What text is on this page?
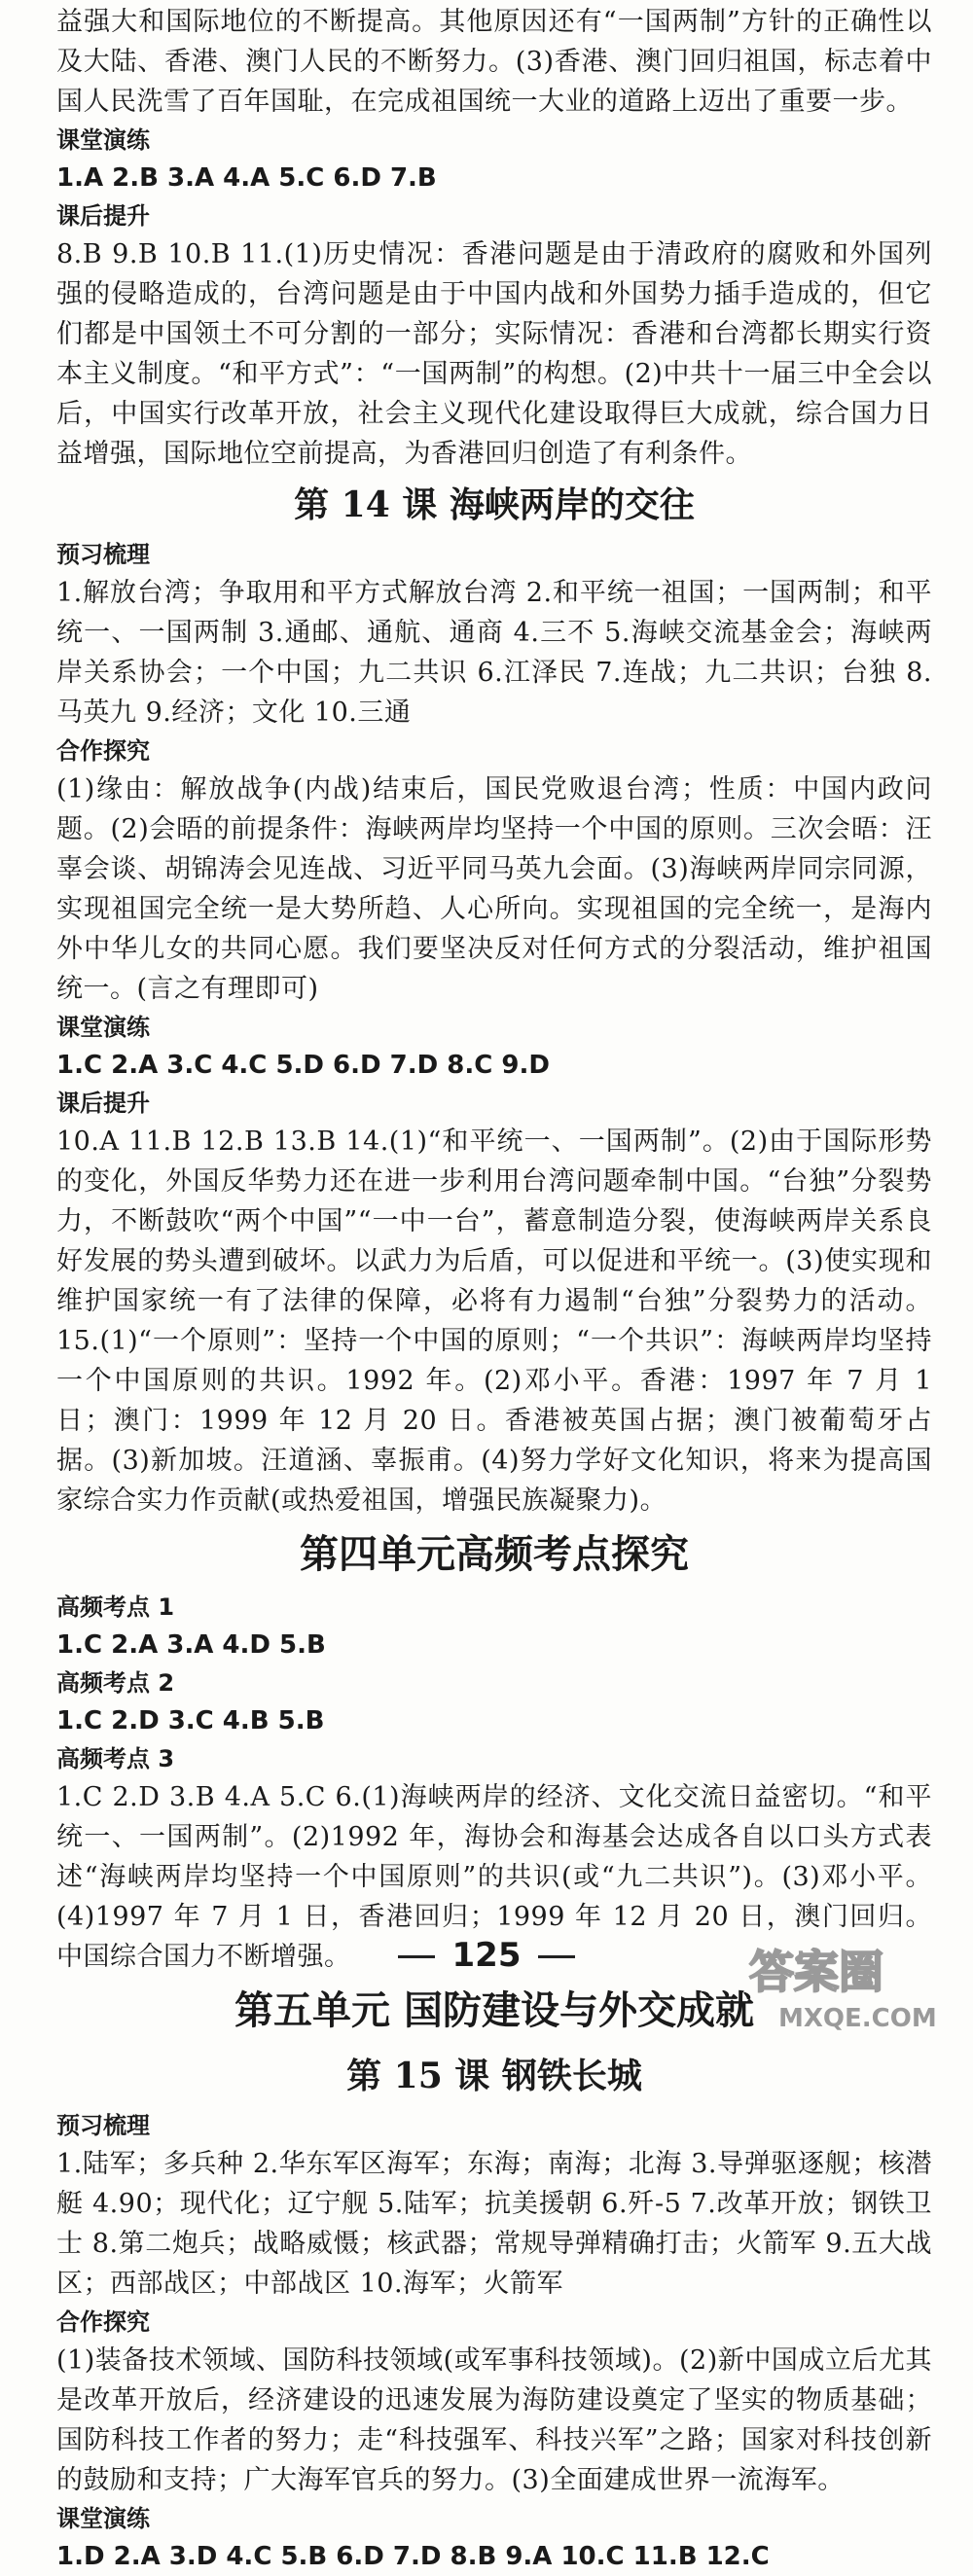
益强大和国际地位的不断提高。其他原因还有“一国两制”方针的正确性以及大陆、香港、澳门人民的不断努力。(3)香港、澳门回归祖国，标志着中国人民洗雪了百年国耻，在完成祖国统一大业的道路上迈出了重要一步。

课堂演练

1.A 2.B 3.A 4.A 5.C 6.D 7.B

课后提升

8.B 9.B 10.B 11.(1)历史情况：香港问题是由于清政府的腐败和外国列强的侵略造成的，台湾问题是由于中国内战和外国势力插手造成的，但它们都是中国领土不可分割的一部分；实际情况：香港和台湾都长期实行资本主义制度。“和平方式”：“一国两制”的构想。(2)中共十一届三中全会以后，中国实行改革开放，社会主义现代化建设取得巨大成就，综合国力日益增强，国际地位空前提高，为香港回归创造了有利条件。

第 14 课 海峡两岸的交往

预习梳理

1.解放台湾；争取用和平方式解放台湾 2.和平统一祖国；一国两制；和平统一、一国两制 3.通邮、通航、通商 4.三不 5.海峡交流基金会；海峡两岸关系协会；一个中国；九二共识 6.江泽民 7.连战；九二共识；台独 8.马英九 9.经济；文化 10.三通

合作探究

(1)缘由：解放战争(内战)结束后，国民党败退台湾；性质：中国内政问题。(2)会晤的前提条件：海峡两岸均坚持一个中国的原则。三次会晤：汪辜会谈、胡锦涛会见连战、习近平同马英九会面。(3)海峡两岸同宗同源，实现祖国完全统一是大势所趋、人心所向。实现祖国的完全统一，是海内外中华儿女的共同心愿。我们要坚决反对任何方式的分裂活动，维护祖国统一。(言之有理即可)

课堂演练

1.C 2.A 3.C 4.C 5.D 6.D 7.D 8.C 9.D

课后提升

10.A 11.B 12.B 13.B 14.(1)“和平统一、一国两制”。(2)由于国际形势的变化，外国反华势力还在进一步利用台湾问题牵制中国。“台独”分裂势力，不断鼓吹“两个中国”“一中一台”，蓄意制造分裂，使海峡两岸关系良好发展的势头遭到破坏。以武力为后盾，可以促进和平统一。(3)使实现和维护国家统一有了法律的保障，必将有力遏制“台独”分裂势力的活动。 15.(1)“一个原则”：坚持一个中国的原则；“一个共识”：海峡两岸均坚持一个中国原则的共识。1992 年。(2)邓小平。香港：1997 年 7 月 1 日；澳门：1999 年 12 月 20 日。香港被英国占据；澳门被葡萄牙占据。(3)新加坡。汪道涵、辜振甫。(4)努力学好文化知识，将来为提高国家综合实力作贡献(或热爱祖国，增强民族凝聚力)。

第四单元高频考点探究

高频考点 1

1.C 2.A 3.A 4.D 5.B

高频考点 2

1.C 2.D 3.C 4.B 5.B

高频考点 3

1.C 2.D 3.B 4.A 5.C 6.(1)海峡两岸的经济、文化交流日益密切。“和平统一、一国两制”。(2)1992 年，海协会和海基会达成各自以口头方式表述“海峡两岸均坚持一个中国原则”的共识(或“九二共识”)。(3)邓小平。(4)1997 年 7 月 1 日，香港回归；1999 年 12 月 20 日，澳门回归。中国综合国力不断增强。

第五单元 国防建设与外交成就

第 15 课 钢铁长城

预习梳理

1.陆军；多兵种 2.华东军区海军；东海；南海；北海 3.导弹驱逐舰；核潜艇 4.90；现代化；辽宁舰 5.陆军；抗美援朝 6.歼-5 7.改革开放；钢铁卫士 8.第二炮兵；战略威慑；核武器；常规导弹精确打击；火箭军 9.五大战区；西部战区；中部战区 10.海军；火箭军

合作探究

(1)装备技术领域、国防科技领域(或军事科技领域)。(2)新中国成立后尤其是改革开放后，经济建设的迅速发展为海防建设奠定了坚实的物质基础；国防科技工作者的努力；走“科技强军、科技兴军”之路；国家对科技创新的鼓励和支持；广大海军官兵的努力。(3)全面建成世界一流海军。

课堂演练

1.D 2.A 3.D 4.C 5.B 6.D 7.D 8.B 9.A 10.C 11.B 12.C

125	答案圈
MXQE.COM
